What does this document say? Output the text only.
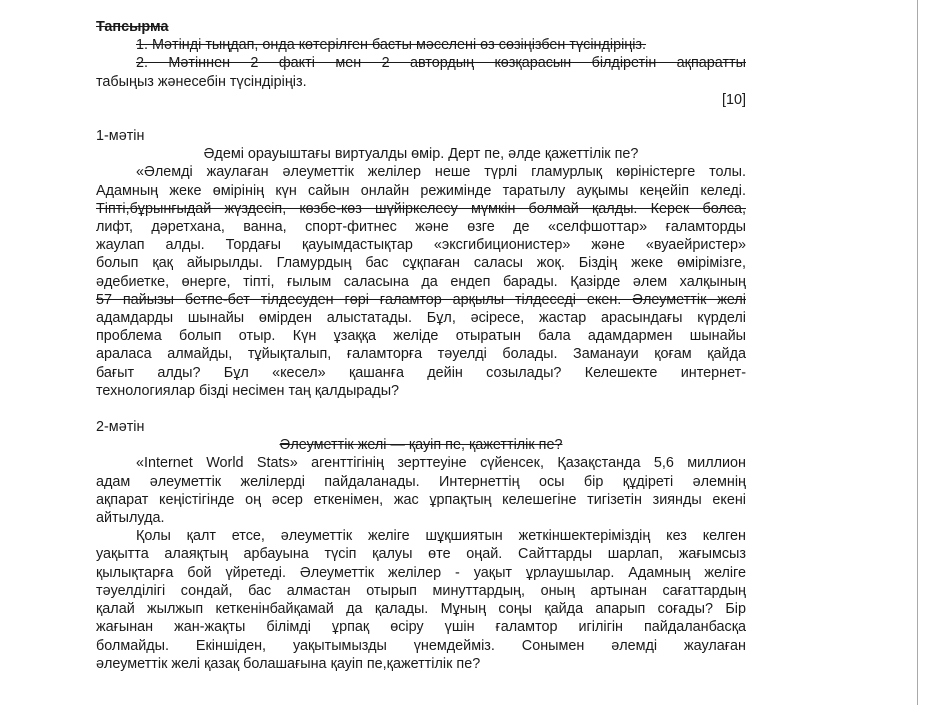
Тапсырма
1. Мәтінді тыңдап, онда көтерілген басты мәселені өз сөзіңізбен түсіндіріңіз.
2. Мәтіннен 2 факті мен 2 автордың көзқарасын білдіретін ақпаратты
табыңыз жәнесебін түсіндіріңіз.
[10]
1-мәтін
Әдемі орауыштағы виртуалды өмір. Дерт пе, әлде қажеттілік пе?
«Әлемді жаулаған әлеуметтік желілер неше түрлі гламурлық көріністерге толы.
Адамның жеке өмірінің күн сайын онлайн режимінде таратылу ауқымы кеңейіп келеді.
Тіпті,бұрынғыдай жүздесіп, көзбе-көз шүйіркелесу мүмкін болмай қалды. Керек болса,
лифт, дәретхана, ванна, спорт-фитнес және өзге де «селфшоттар» ғаламторды
жаулап алды. Тордағы қауымдастықтар «эксгибиционистер» және «вуаейристер»
болып қақ айырылды. Гламурдың бас сұқпаған саласы жоқ. Біздің жеке өмірімізге,
әдебиетке, өнерге, тіпті, ғылым саласына да ендеп барады. Қазірде әлем халқының
57 пайызы бетпе-бет тілдесуден гөрі ғаламтор арқылы тілдеседі екен. Әлеуметтік желі
адамдарды шынайы өмірден алыстатады. Бұл, әсіресе, жастар арасындағы күрделі
проблема болып отыр. Күн ұзаққа желіде отыратын бала адамдармен шынайы
араласа алмайды, тұйықталып, ғаламторға тәуелді болады. Заманауи қоғам қайда
бағыт алды? Бұл «кесел» қашанға дейін созылады? Келешекте интернет-
технологиялар бізді несімен таң қалдырады?
2-мәтін
Әлеуметтік желі — қауіп пе, қажеттілік пе?
«Internet World Stats» агенттігінің зерттеуіне сүйенсек, Қазақстанда 5,6 миллион
адам әлеуметтік желілерді пайдаланады. Интернеттің осы бір құдіреті әлемнің
ақпарат кеңістігінде оң әсер еткенімен, жас ұрпақтың келешегіне тигізетін зиянды екені
айтылуда.
Қолы қалт етсе, әлеуметтік желіге шұқшиятын жеткіншектеріміздің кез келген
уақытта алаяқтың арбауына түсіп қалуы өте оңай. Сайттарды шарлап, жағымсыз
қылықтарға бой үйретеді. Әлеуметтік желілер - уақыт ұрлаушылар. Адамның желіге
тәуелділігі сондай, бас алмастан отырып минуттардың, оның артынан сағаттардың
қалай жылжып кеткенінбайқамай да қалады. Мұның соңы қайда апарып соғады? Бір
жағынан жан-жақты білімді ұрпақ өсіру үшін ғаламтор игілігін пайдаланбасқа
болмайды. Екіншіден, уақытымызды үнемдейміз. Сонымен әлемді жаулаған
әлеуметтік желі қазақ болашағына қауіп пе,қажеттілік пе?
